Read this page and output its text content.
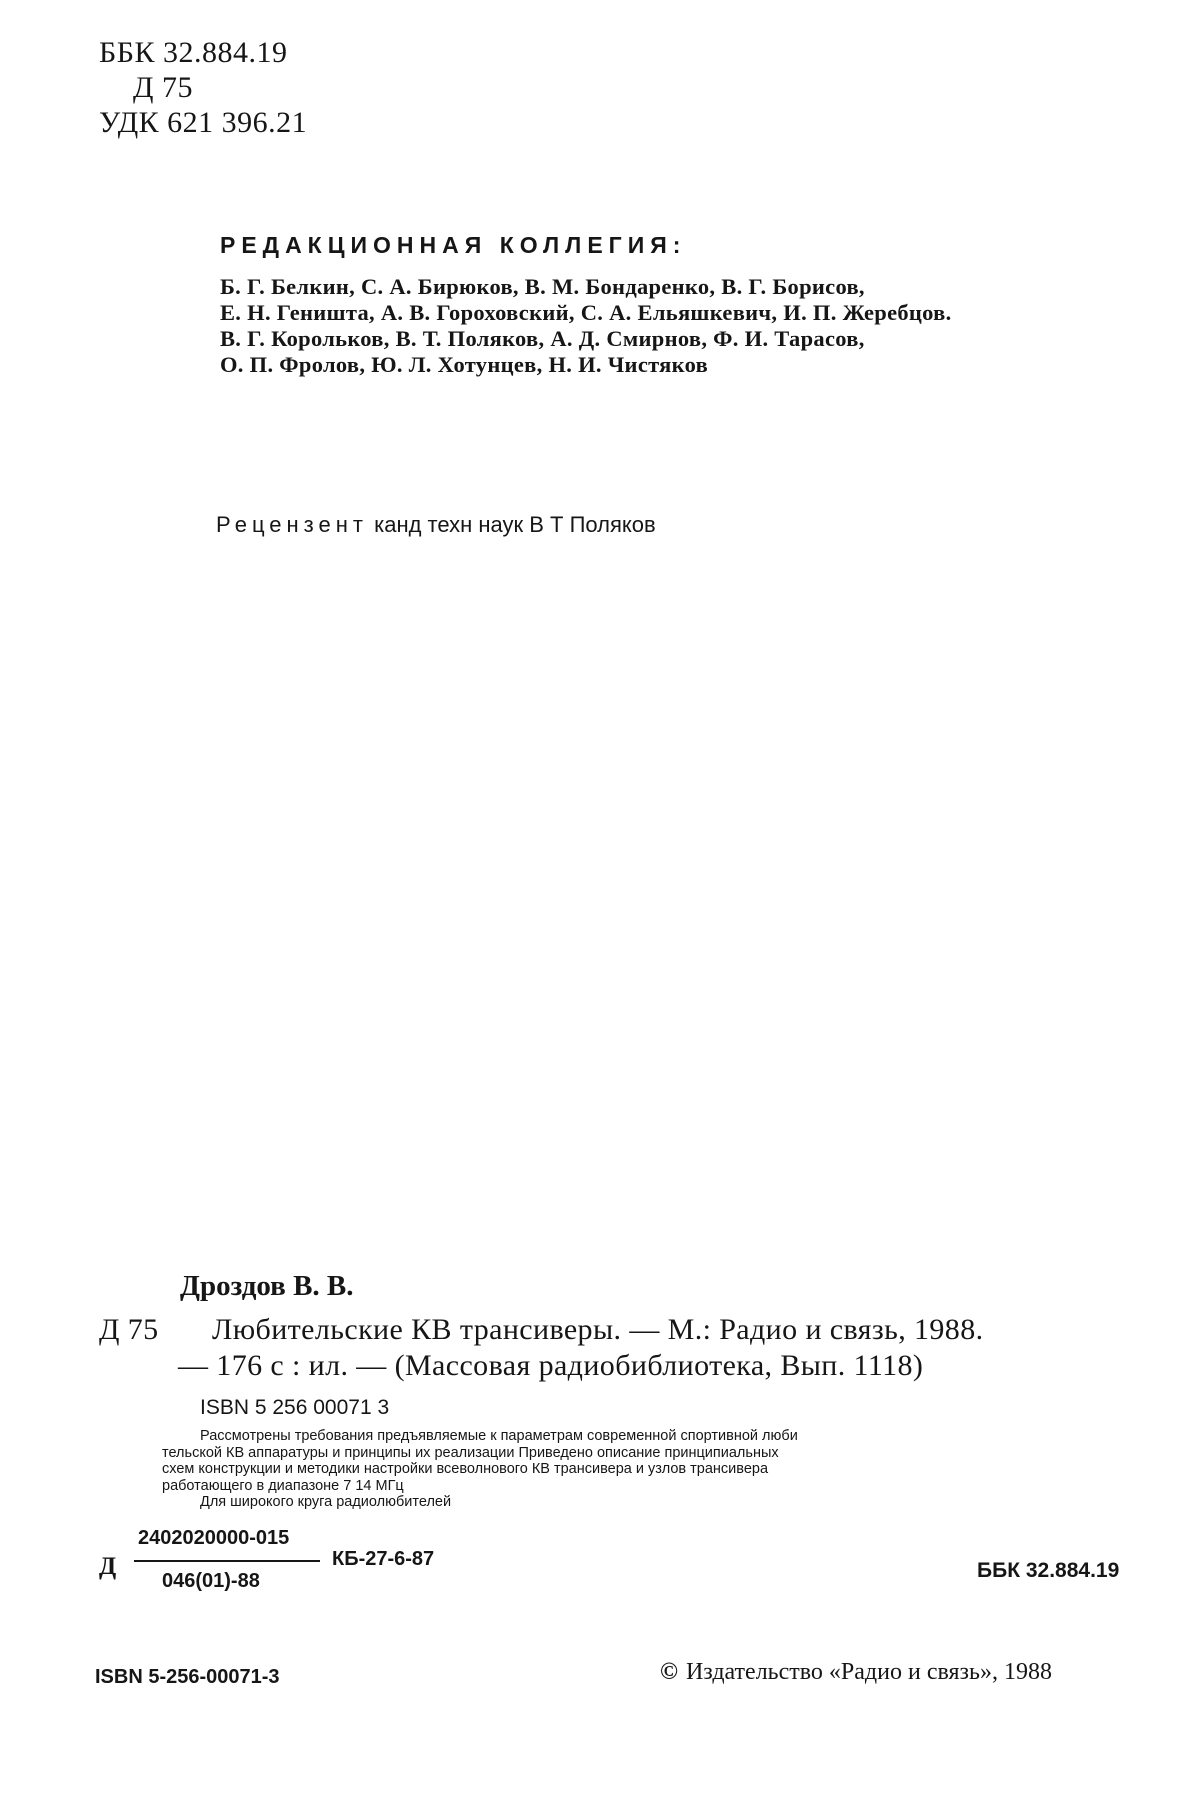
ББК 32.884.19
Д 75
УДК 621 396.21
РЕДАКЦИОННАЯ КОЛЛЕГИЯ:
Б. Г. Белкин, С. А. Бирюков, В. М. Бондаренко, В. Г. Борисов,
Е. Н. Геништа, А. В. Гороховский, С. А. Ельяшкевич, И. П. Жеребцов.
В. Г. Корольков, В. Т. Поляков, А. Д. Смирнов, Ф. И. Тарасов,
О. П. Фролов, Ю. Л. Хотунцев, Н. И. Чистяков
Рецензент канд техн наук В Т Поляков
Дроздов В. В.
Д 75 Любительские КВ трансиверы. — М.: Радио и связь, 1988.
— 176 с : ил. — (Массовая радиобиблиотека, Вып. 1118)
ISBN 5 256 00071 3
Рассмотрены требования предъявляемые к параметрам современной спортивной люби
тельской КВ аппаратуры и принципы их реализации Приведено описание принципиальных
схем конструкции и методики настройки всеволнового КВ трансивера и узлов трансивера
работающего в диапазоне 7 14 МГц
Для широкого круга радиолюбителей
Д
2402020000-015
046(01)-88
КБ-27-6-87	ББК 32.884.19
ISBN 5-256-00071-3	© Издательство «Радио и связь», 1988
